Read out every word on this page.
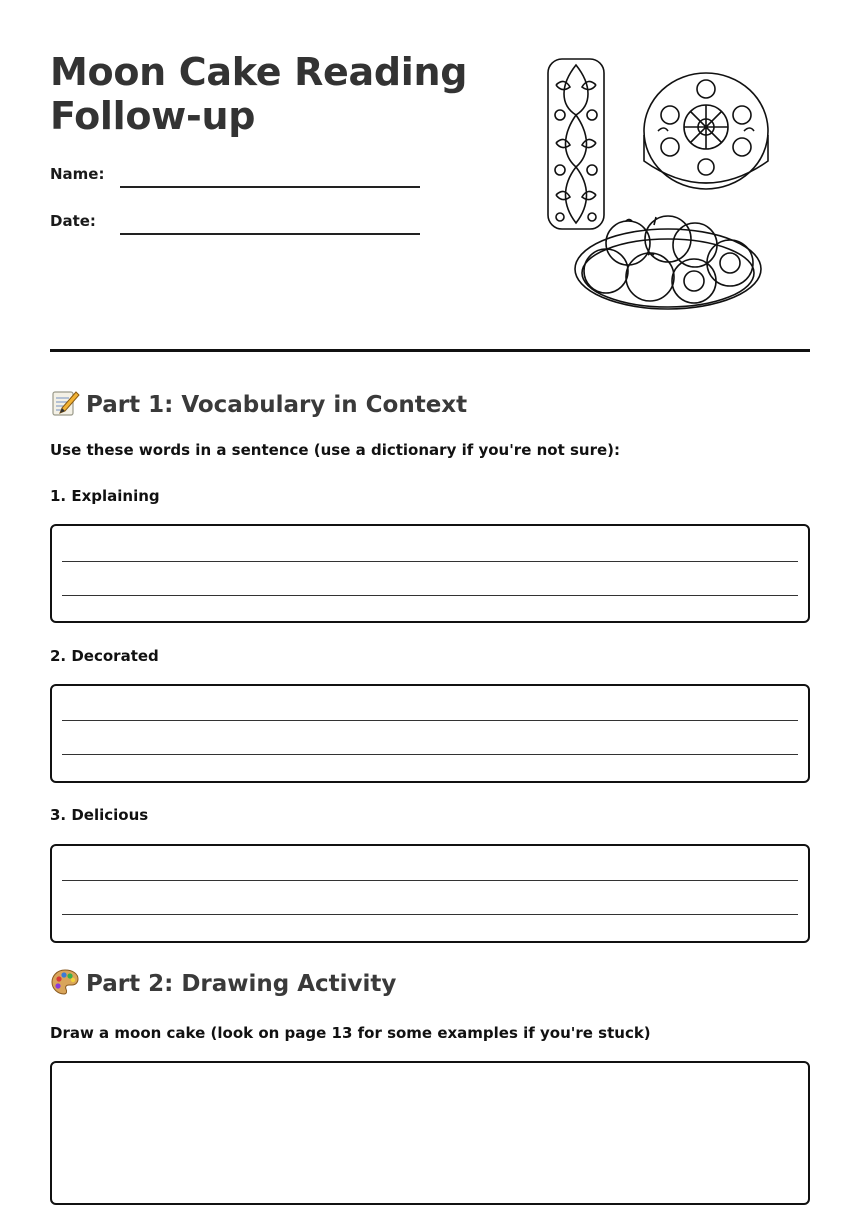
Moon Cake Reading
Follow-up
Name:
Date:
Part 1: Vocabulary in Context
Use these words in a sentence (use a dictionary if you're not sure):
1. Explaining
2. Decorated
3. Delicious
Part 2: Drawing Activity
Draw a moon cake (look on page 13 for some examples if you're stuck)
